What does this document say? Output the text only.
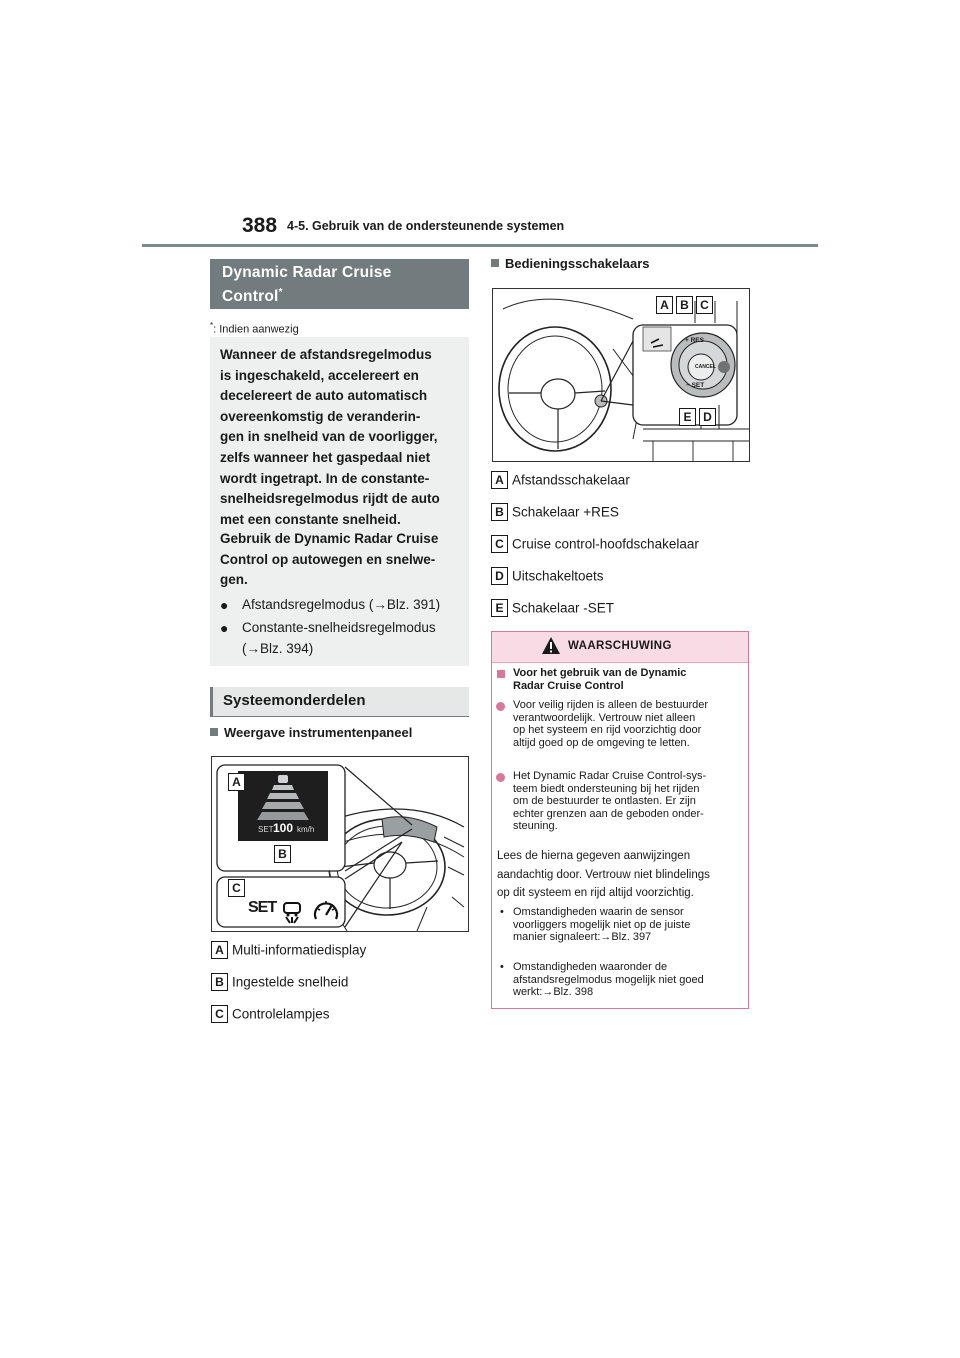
388 4-5. Gebruik van de ondersteunende systemen
Dynamic Radar Cruise
Control*
*: Indien aanwezig
Wanneer de afstandsregelmodus
is ingeschakeld, accelereert en
decelereert de auto automatisch
overeenkomstig de veranderin-
gen in snelheid van de voorligger,
zelfs wanneer het gaspedaal niet
wordt ingetrapt. In de constante-
snelheidsregelmodus rijdt de auto
met een constante snelheid.
Gebruik de Dynamic Radar Cruise
Control op autowegen en snelwe-
gen.
● Afstandsregelmodus (→Blz. 391)
● Constante-snelheidsregelmodus
(→Blz. 394)
Systeemonderdelen
Weergave instrumentenpaneel
SET 100 km/h
SET
A
B
C
A Multi-informatiedisplay
B Ingestelde snelheid
C Controlelampjes
Bedieningsschakelaars
+ RES
− SET
CANCEL
A B C
E D
A Afstandsschakelaar
B Schakelaar +RES
C Cruise control-hoofdschakelaar
D Uitschakeltoets
E Schakelaar -SET
WAARSCHUWING
Voor het gebruik van de Dynamic
Radar Cruise Control
Voor veilig rijden is alleen de bestuurder
verantwoordelijk. Vertrouw niet alleen
op het systeem en rijd voorzichtig door
altijd goed op de omgeving te letten.
Het Dynamic Radar Cruise Control-sys-
teem biedt ondersteuning bij het rijden
om de bestuurder te ontlasten. Er zijn
echter grenzen aan de geboden onder-
steuning.
Lees de hierna gegeven aanwijzingen
aandachtig door. Vertrouw niet blindelings
op dit systeem en rijd altijd voorzichtig.
• Omstandigheden waarin de sensor
voorliggers mogelijk niet op de juiste
manier signaleert:→Blz. 397
• Omstandigheden waaronder de
afstandsregelmodus mogelijk niet goed
werkt:→Blz. 398
